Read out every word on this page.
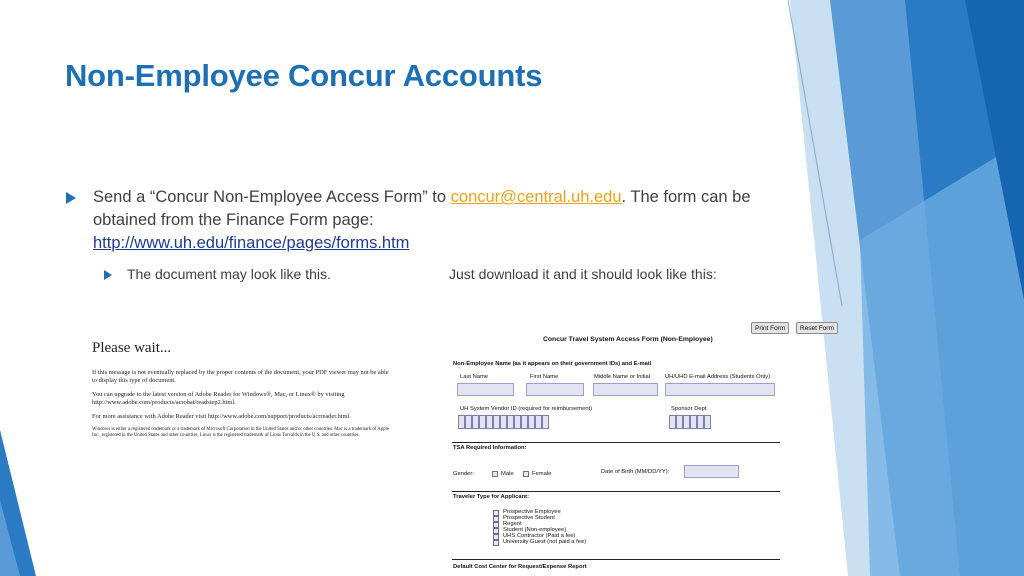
Non-Employee Concur Accounts
Send a “Concur Non-Employee Access Form” to concur@central.uh.edu. The form can be obtained from the Finance Form page:
http://www.uh.edu/finance/pages/forms.htm
The document may look like this.	Just download it and it should look like this:
Please wait...

If this message is not eventually replaced by the proper contents of the document, your PDF viewer may not be able to display this type of document.

You can upgrade to the latest version of Adobe Reader for Windows®, Mac, or Linux® by visiting http://www.adobe.com/products/acrobat/readstep2.html.

For more assistance with Adobe Reader visit http://www.adobe.com/support/products/acrreader.html.

Windows is either a registered trademark or a trademark of Microsoft Corporation in the United States and/or other countries. Mac is a trademark of Apple Inc., registered in the United States and other countries. Linux is the registered trademark of Linus Torvalds in the U.S. and other countries.

Print Form	Reset Form
Concur Travel System Access Form (Non-Employee)
Non-Employee Name (as it appears on their government IDs) and E-mail
Last Name	First Name	Middle Name or Initial	UH/UHD E-mail Address (Students Only)
UH System Vendor ID (required for reimbursement)	Sponsor Dept
TSA Required Information:
Gender:	Male	Female	Date of Birth (MM/DD/YY):
Traveler Type for Applicant:
Prospective Employee
Prospective Student
Regent
Student (Non-employee)
UHS Contractor (Paid a fee)
University Guest (not paid a fee)
Default Cost Center for Request/Expense Report
